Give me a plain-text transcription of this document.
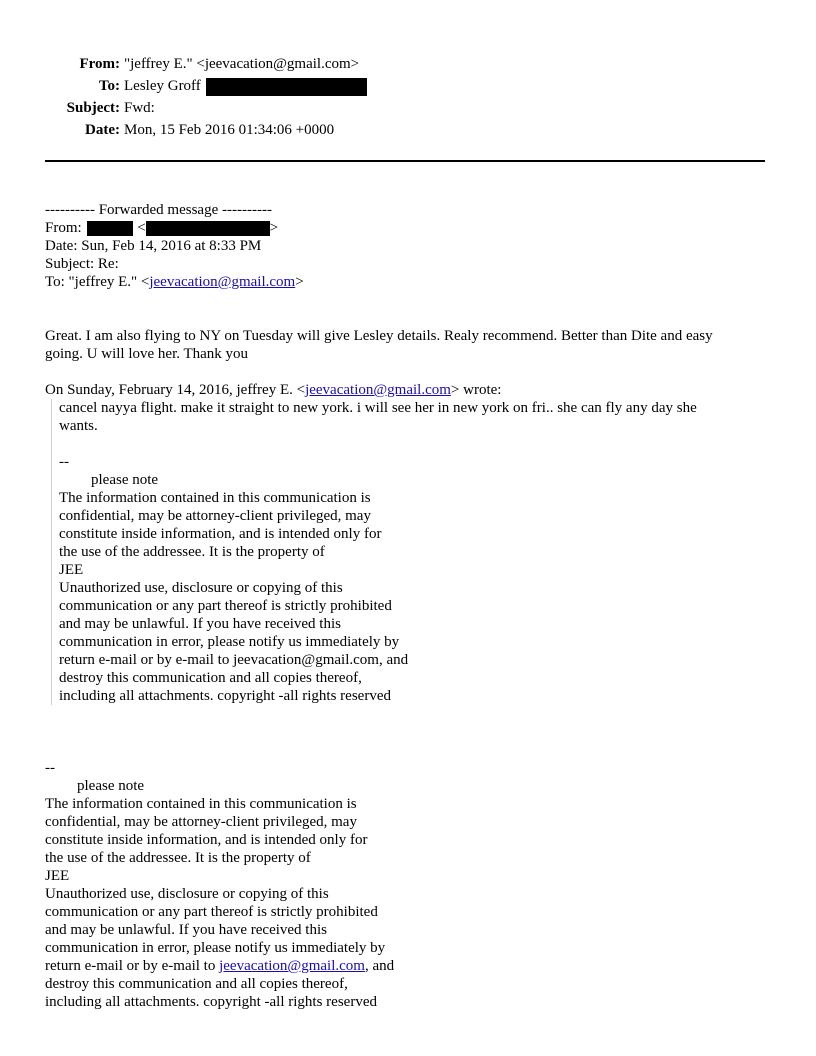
From: "jeffrey E." <jeevacation@gmail.com>
To: Lesley Groff
Subject: Fwd:
Date: Mon, 15 Feb 2016 01:34:06 +0000
---------- Forwarded message ----------
From:	<	>
Date: Sun, Feb 14, 2016 at 8:33 PM
Subject: Re:
To: "jeffrey E." <jeevacation@gmail.com>
Great. I am also flying to NY on Tuesday will give Lesley details. Realy recommend. Better than Dite and easy
going. U will love her. Thank you
On Sunday, February 14, 2016, jeffrey E. <jeevacation@gmail.com> wrote:
cancel nayya flight. make it straight to new york. i will see her in new york on fri.. she can fly any day she
wants.
--
please note
The information contained in this communication is
confidential, may be attorney-client privileged, may
constitute inside information, and is intended only for
the use of the addressee. It is the property of
JEE
Unauthorized use, disclosure or copying of this
communication or any part thereof is strictly prohibited
and may be unlawful. If you have received this
communication in error, please notify us immediately by
return e-mail or by e-mail to jeevacation@gmail.com, and
destroy this communication and all copies thereof,
including all attachments. copyright -all rights reserved
--
please note
The information contained in this communication is
confidential, may be attorney-client privileged, may
constitute inside information, and is intended only for
the use of the addressee. It is the property of
JEE
Unauthorized use, disclosure or copying of this
communication or any part thereof is strictly prohibited
and may be unlawful. If you have received this
communication in error, please notify us immediately by
return e-mail or by e-mail to jeevacation@gmail.com, and
destroy this communication and all copies thereof,
including all attachments. copyright -all rights reserved
